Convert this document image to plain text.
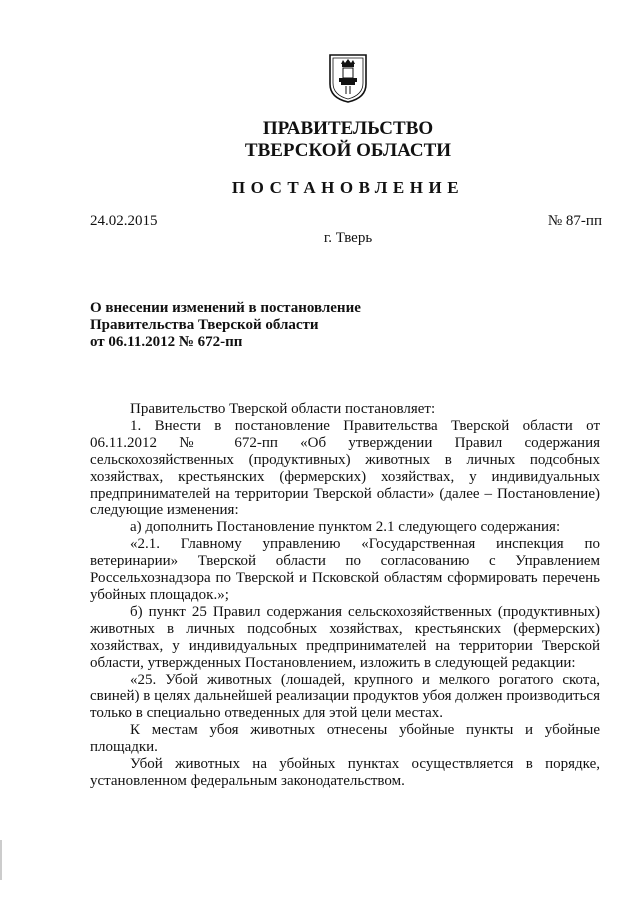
ПРАВИТЕЛЬСТВО
ТВЕРСКОЙ ОБЛАСТИ
ПОСТАНОВЛЕНИЕ
24.02.2015	№ 87-пп
г. Тверь
О внесении изменений в постановление
Правительства Тверской области
от 06.11.2012 № 672-пп

Правительство Тверской области постановляет:

1. Внести в постановление Правительства Тверской области от 06.11.2012 № 672-пп «Об утверждении Правил содержания сельскохозяйственных (продуктивных) животных в личных подсобных хозяйствах, крестьянских (фермерских) хозяйствах, у индивидуальных предпринимателей на территории Тверской области» (далее – Постановление) следующие изменения:

а) дополнить Постановление пунктом 2.1 следующего содержания:

«2.1. Главному управлению «Государственная инспекция по ветеринарии» Тверской области по согласованию с Управлением Россельхознадзора по Тверской и Псковской областям сформировать перечень убойных площадок.»;

б) пункт 25 Правил содержания сельскохозяйственных (продуктивных) животных в личных подсобных хозяйствах, крестьянских (фермерских) хозяйствах, у индивидуальных предпринимателей на территории Тверской области, утвержденных Постановлением, изложить в следующей редакции:

«25. Убой животных (лошадей, крупного и мелкого рогатого скота, свиней) в целях дальнейшей реализации продуктов убоя должен производиться только в специально отведенных для этой цели местах.

К местам убоя животных отнесены убойные пункты и убойные площадки.

Убой животных на убойных пунктах осуществляется в порядке, установленном федеральным законодательством.
